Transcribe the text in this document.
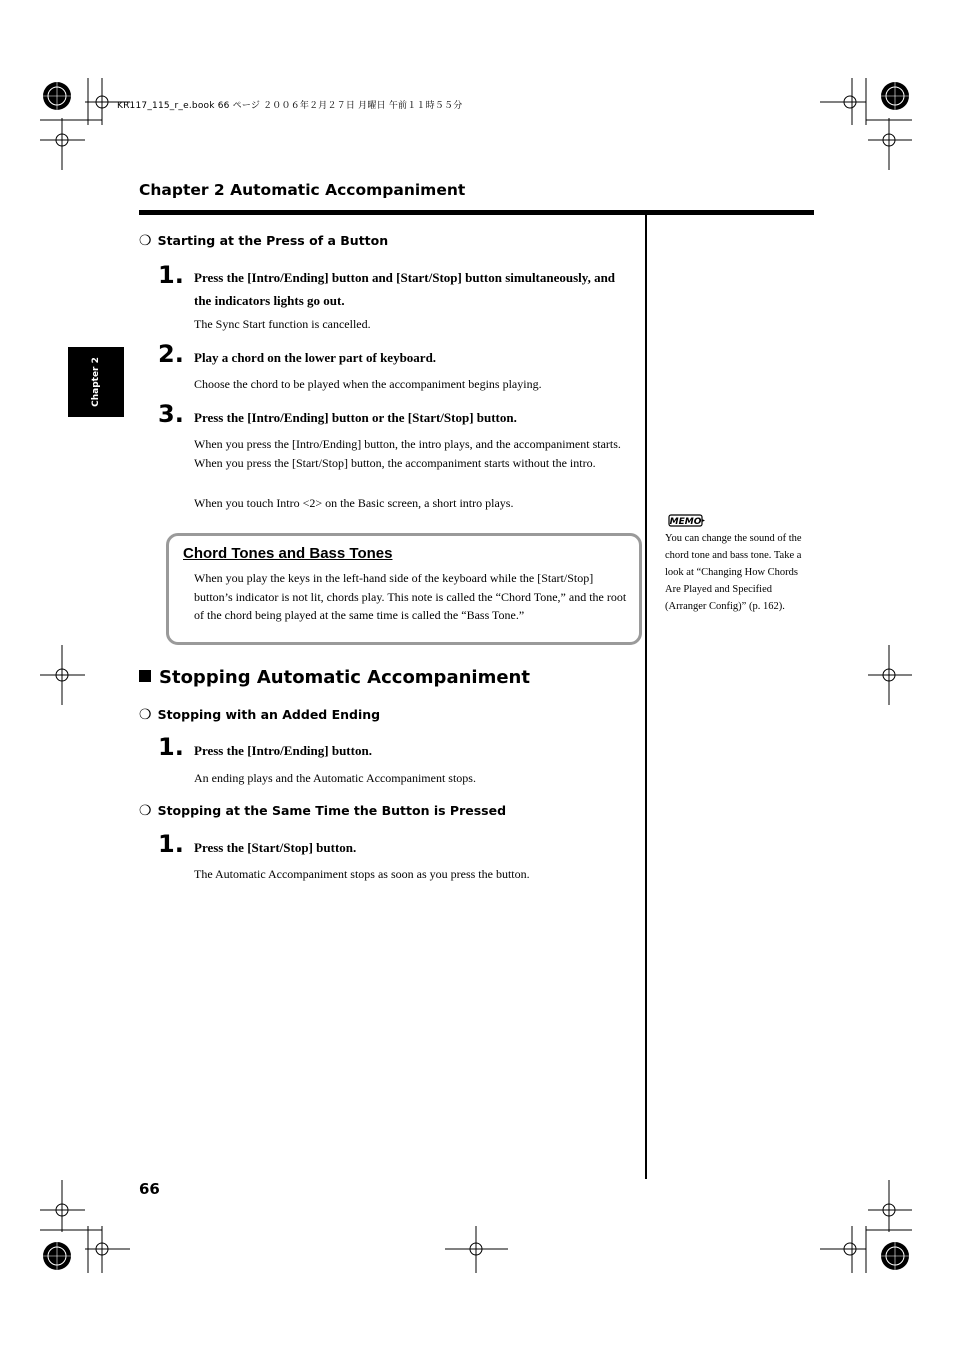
KR117_115_r_e.book 66 ページ ２００６年２月２７日 月曜日 午前１１時５５分
Chapter 2 Automatic Accompaniment
Chapter 2
❍ Starting at the Press of a Button
1. Press the [Intro/Ending] button and [Start/Stop] button simultaneously, and the indicators lights go out.
The Sync Start function is cancelled.
2. Play a chord on the lower part of keyboard.
Choose the chord to be played when the accompaniment begins playing.
3. Press the [Intro/Ending] button or the [Start/Stop] button.
When you press the [Intro/Ending] button, the intro plays, and the accompaniment starts. When you press the [Start/Stop] button, the accompaniment starts without the intro.
When you touch Intro <2> on the Basic screen, a short intro plays.
Chord Tones and Bass Tones
When you play the keys in the left-hand side of the keyboard while the [Start/Stop] button’s indicator is not lit, chords play. This note is called the “Chord Tone,” and the root of the chord being played at the same time is called the “Bass Tone.”
Stopping Automatic Accompaniment
❍ Stopping with an Added Ending
1. Press the [Intro/Ending] button.
An ending plays and the Automatic Accompaniment stops.
❍ Stopping at the Same Time the Button is Pressed
1. Press the [Start/Stop] button.
The Automatic Accompaniment stops as soon as you press the button.
MEMO
You can change the sound of the chord tone and bass tone. Take a look at “Changing How Chords Are Played and Specified (Arranger Config)” (p. 162).
66
